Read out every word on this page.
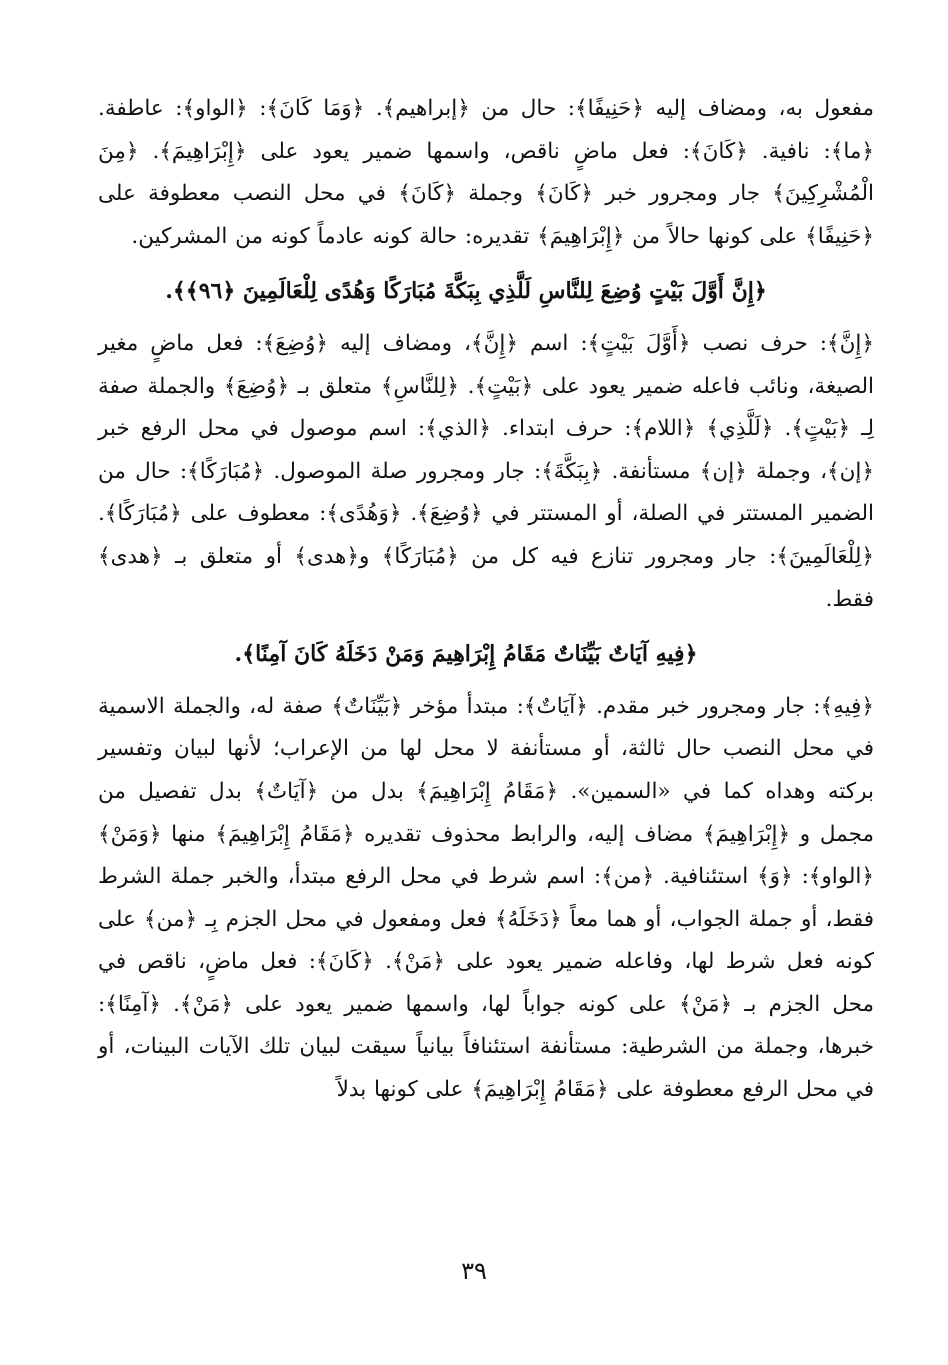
مفعول به، ومضاف إليه ﴿حَنِيفًا﴾: حال من ﴿إبراهيم﴾. ﴿وَمَا كَانَ﴾: ﴿الواو﴾: عاطفة. ﴿ما﴾: نافية. ﴿كَانَ﴾: فعل ماضٍ ناقص، واسمها ضمير يعود على ﴿إِبْرَاهِيمَ﴾. ﴿مِنَ الْمُشْرِكِينَ﴾ جار ومجرور خبر ﴿كَانَ﴾ وجملة ﴿كَانَ﴾ في محل النصب معطوفة على ﴿حَنِيفًا﴾ على كونها حالاً من ﴿إِبْرَاهِيمَ﴾ تقديره: حالة كونه عادماً كونه من المشركين.

﴿إِنَّ أَوَّلَ بَيْتٍ وُضِعَ لِلنَّاسِ لَلَّذِي بِبَكَّةَ مُبَارَكًا وَهُدًى لِلْعَالَمِينَ ﴿٩٦﴾﴾.

﴿إِنَّ﴾: حرف نصب ﴿أَوَّلَ بَيْتٍ﴾: اسم ﴿إِنَّ﴾، ومضاف إليه ﴿وُضِعَ﴾: فعل ماضٍ مغير الصيغة، ونائب فاعله ضمير يعود على ﴿بَيْتٍ﴾. ﴿لِلنَّاسِ﴾ متعلق بـ ﴿وُضِعَ﴾ والجملة صفة لِـ ﴿بَيْتٍ﴾. ﴿لَلَّذِي﴾ ﴿اللام﴾: حرف ابتداء. ﴿الذي﴾: اسم موصول في محل الرفع خبر ﴿إن﴾، وجملة ﴿إن﴾ مستأنفة. ﴿بِبَكَّةَ﴾: جار ومجرور صلة الموصول. ﴿مُبَارَكًا﴾: حال من الضمير المستتر في الصلة، أو المستتر في ﴿وُضِعَ﴾. ﴿وَهُدًى﴾: معطوف على ﴿مُبَارَكًا﴾. ﴿لِلْعَالَمِينَ﴾: جار ومجرور تنازع فيه كل من ﴿مُبَارَكًا﴾ و﴿هدى﴾ أو متعلق بـ ﴿هدى﴾ فقط.

﴿فِيهِ آيَاتٌ بَيِّنَاتٌ مَقَامُ إِبْرَاهِيمَ وَمَنْ دَخَلَهُ كَانَ آمِنًا﴾.

﴿فِيهِ﴾: جار ومجرور خبر مقدم. ﴿آيَاتٌ﴾: مبتدأ مؤخر ﴿بَيِّنَاتٌ﴾ صفة له، والجملة الاسمية في محل النصب حال ثالثة، أو مستأنفة لا محل لها من الإعراب؛ لأنها لبيان وتفسير بركته وهداه كما في «السمين». ﴿مَقَامُ إِبْرَاهِيمَ﴾ بدل من ﴿آيَاتٌ﴾ بدل تفصيل من مجمل و ﴿إِبْرَاهِيمَ﴾ مضاف إليه، والرابط محذوف تقديره ﴿مَقَامُ إِبْرَاهِيمَ﴾ منها ﴿وَمَنْ﴾ ﴿الواو﴾: ﴿وَ﴾ استئنافية. ﴿من﴾: اسم شرط في محل الرفع مبتدأ، والخبر جملة الشرط فقط، أو جملة الجواب، أو هما معاً ﴿دَخَلَهُ﴾ فعل ومفعول في محل الجزم بِـ ﴿من﴾ على كونه فعل شرط لها، وفاعله ضمير يعود على ﴿مَنْ﴾. ﴿كَانَ﴾: فعل ماضٍ، ناقص في محل الجزم بـ ﴿مَنْ﴾ على كونه جواباً لها، واسمها ضمير يعود على ﴿مَنْ﴾. ﴿آمِنًا﴾: خبرها، وجملة من الشرطية: مستأنفة استئنافاً بيانياً سيقت لبيان تلك الآيات البينات، أو في محل الرفع معطوفة على ﴿مَقَامُ إِبْرَاهِيمَ﴾ على كونها بدلاً

٣٩
